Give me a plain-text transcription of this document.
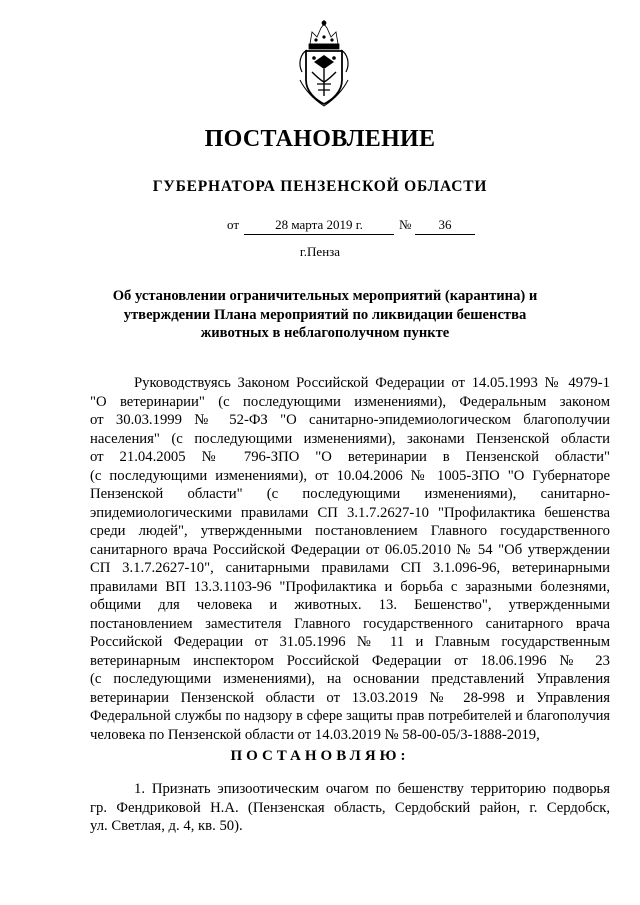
ПОСТАНОВЛЕНИЕ
ГУБЕРНАТОРА ПЕНЗЕНСКОЙ ОБЛАСТИ
от	28 марта 2019 г.	№	36
г.Пенза
Об установлении ограничительных мероприятий (карантина) и
утверждении Плана мероприятий по ликвидации бешенства
животных в неблагополучном пункте
Руководствуясь Законом Российской Федерации от 14.05.1993 № 4979-1
"О ветеринарии" (с последующими изменениями), Федеральным законом
от 30.03.1999 № 52-ФЗ "О санитарно-эпидемиологическом благополучии
населения" (с последующими изменениями), законами Пензенской области
от 21.04.2005 № 796-ЗПО "О ветеринарии в Пензенской области"
(с последующими изменениями), от 10.04.2006 № 1005-ЗПО "О Губернаторе
Пензенской области" (с последующими изменениями), санитарно-
эпидемиологическими правилами СП 3.1.7.2627-10 "Профилактика бешенства
среди людей", утвержденными постановлением Главного государственного
санитарного врача Российской Федерации от 06.05.2010 № 54 "Об утверждении
СП 3.1.7.2627-10", санитарными правилами СП 3.1.096-96, ветеринарными
правилами ВП 13.3.1103-96 "Профилактика и борьба с заразными болезнями,
общими для человека и животных. 13. Бешенство", утвержденными
постановлением заместителя Главного государственного санитарного врача
Российской Федерации от 31.05.1996 № 11 и Главным государственным
ветеринарным инспектором Российской Федерации от 18.06.1996 № 23
(с последующими изменениями), на основании представлений Управления
ветеринарии Пензенской области от 13.03.2019 № 28-998 и Управления
Федеральной службы по надзору в сфере защиты прав потребителей и благополучия
человека по Пензенской области от 14.03.2019 № 58-00-05/3-1888-2019,
ПОСТАНОВЛЯЮ:
1. Признать эпизоотическим очагом по бешенству территорию подворья
гр. Фендриковой Н.А. (Пензенская область, Сердобский район, г. Сердобск,
ул. Светлая, д. 4, кв. 50).
